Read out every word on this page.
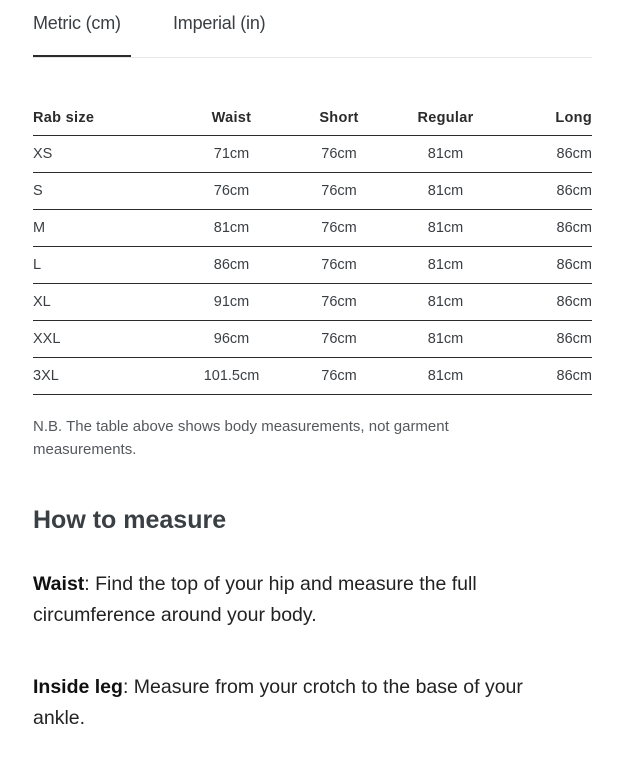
Metric (cm)	Imperial (in)
Rab size	Waist	Short	Regular	Long
XS	71cm	76cm	81cm	86cm
S	76cm	76cm	81cm	86cm
M	81cm	76cm	81cm	86cm
L	86cm	76cm	81cm	86cm
XL	91cm	76cm	81cm	86cm
XXL	96cm	76cm	81cm	86cm
3XL	101.5cm	76cm	81cm	86cm

N.B. The table above shows body measurements, not garment measurements.

How to measure

Waist: Find the top of your hip and measure the full circumference around your body.

Inside leg: Measure from your crotch to the base of your ankle.
